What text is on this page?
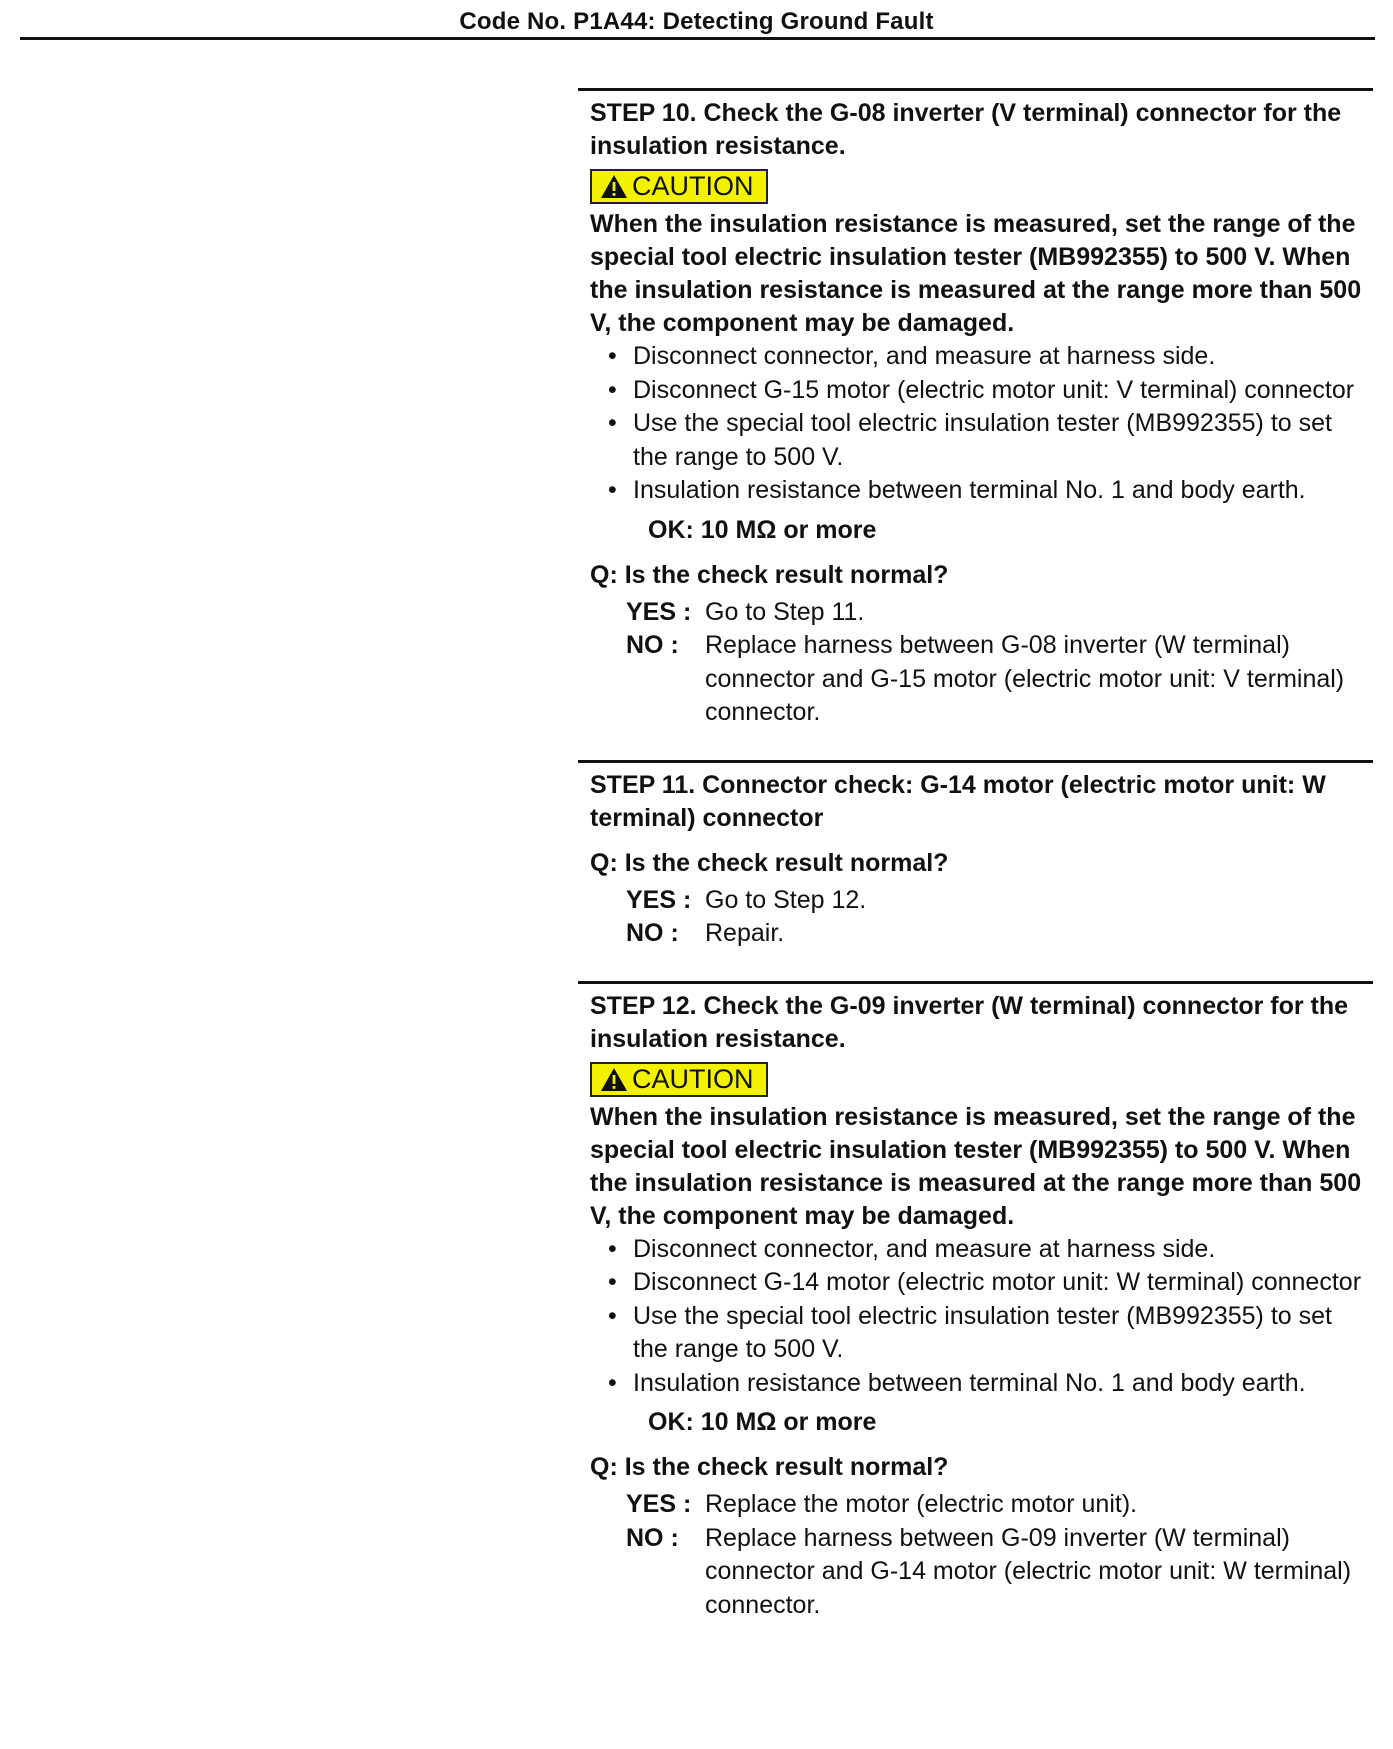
Code No. P1A44: Detecting Ground Fault

STEP 10. Check the G-08 inverter (V terminal) connector for the insulation resistance.

CAUTION

When the insulation resistance is measured, set the range of the special tool electric insulation tester (MB992355) to 500 V. When the insulation resistance is measured at the range more than 500 V, the component may be damaged.

• Disconnect connector, and measure at harness side.
• Disconnect G-15 motor (electric motor unit: V terminal) connector
• Use the special tool electric insulation tester (MB992355) to set the range to 500 V.
• Insulation resistance between terminal No. 1 and body earth.

OK: 10 MΩ or more

Q: Is the check result normal?

YES : Go to Step 11.
NO :	Replace harness between G-08 inverter (W terminal) connector and G-15 motor (electric motor unit: V terminal) connector.

STEP 11. Connector check: G-14 motor (electric motor unit: W terminal) connector

Q: Is the check result normal?

YES : Go to Step 12.
NO :	Repair.

STEP 12. Check the G-09 inverter (W terminal) connector for the insulation resistance.

CAUTION

When the insulation resistance is measured, set the range of the special tool electric insulation tester (MB992355) to 500 V. When the insulation resistance is measured at the range more than 500 V, the component may be damaged.

• Disconnect connector, and measure at harness side.
• Disconnect G-14 motor (electric motor unit: W terminal) connector
• Use the special tool electric insulation tester (MB992355) to set the range to 500 V.
• Insulation resistance between terminal No. 1 and body earth.

OK: 10 MΩ or more

Q: Is the check result normal?

YES : Replace the motor (electric motor unit).
NO :	Replace harness between G-09 inverter (W terminal) connector and G-14 motor (electric motor unit: W terminal) connector.
